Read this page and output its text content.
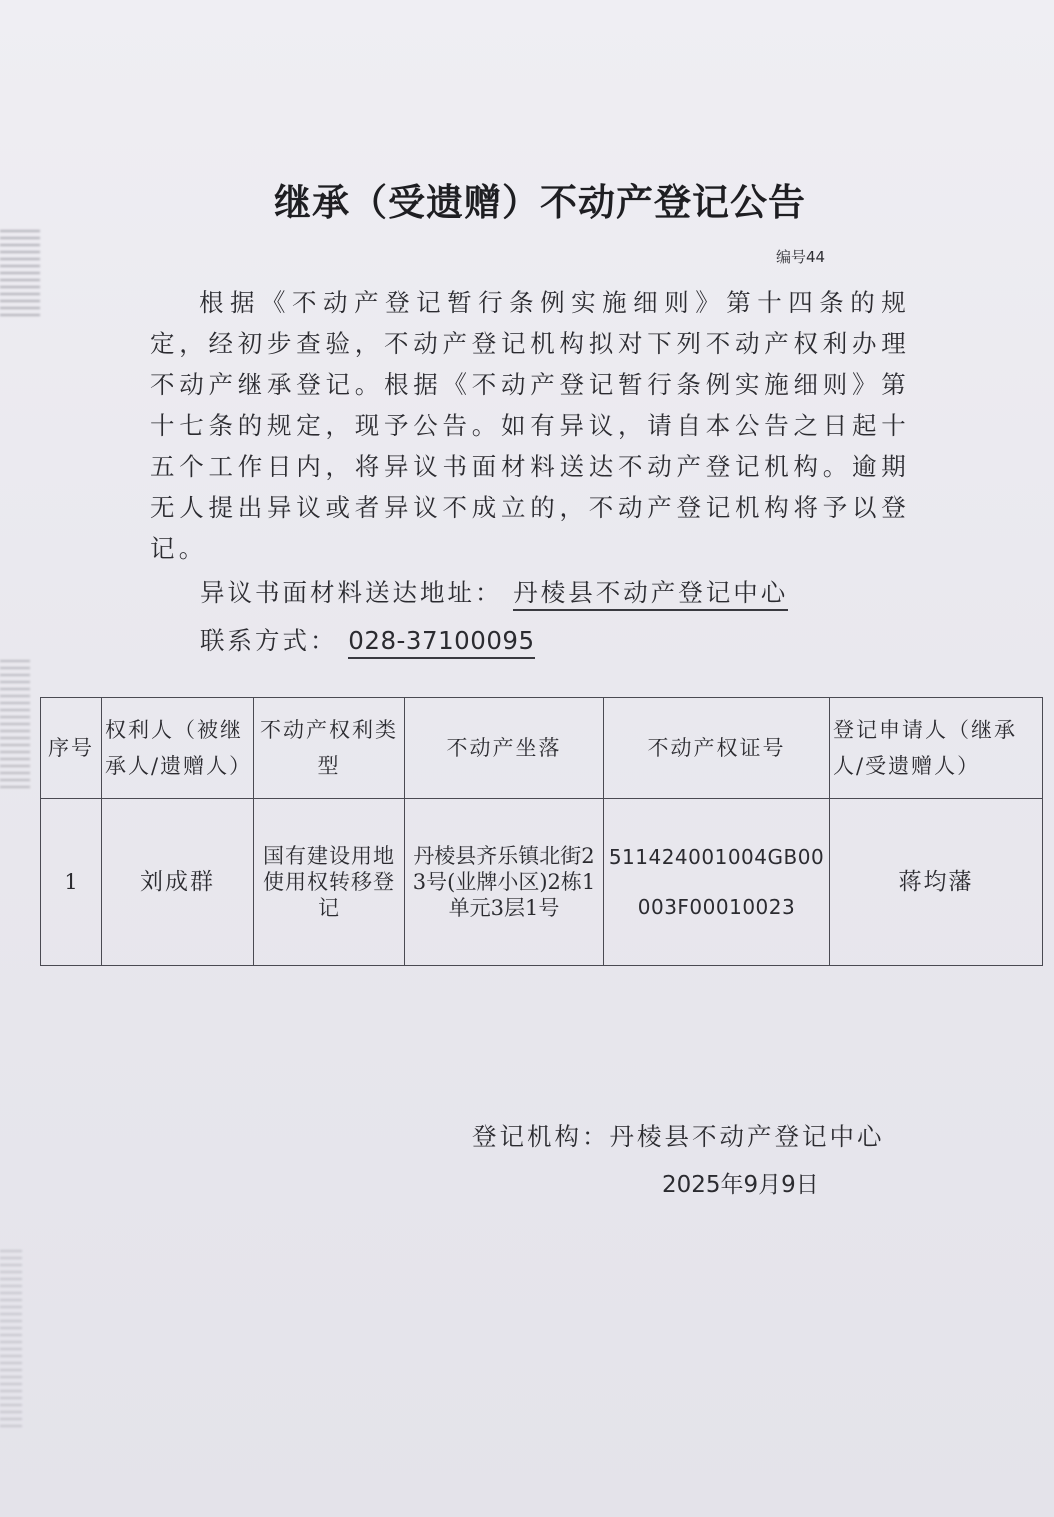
继承（受遗赠）不动产登记公告
编号44
根据《不动产登记暂行条例实施细则》第十四条的规定，经初步查验，不动产登记机构拟对下列不动产权利办理不动产继承登记。根据《不动产登记暂行条例实施细则》第十七条的规定，现予公告。如有异议，请自本公告之日起十五个工作日内，将异议书面材料送达不动产登记机构。逾期无人提出异议或者异议不成立的，不动产登记机构将予以登记。
异议书面材料送达地址： 丹棱县不动产登记中心
联系方式： 028-37100095
序号	权利人（被继承人/遗赠人）	不动产权利类型	不动产坐落	不动产权证号	登记申请人（继承人/受遗赠人）
1	刘成群	国有建设用地使用权转移登记	丹棱县齐乐镇北街23号(业牌小区)2栋1单元3层1号	511424001004GB00003F00010023	蒋均藩
登记机构：丹棱县不动产登记中心
2025年9月9日
